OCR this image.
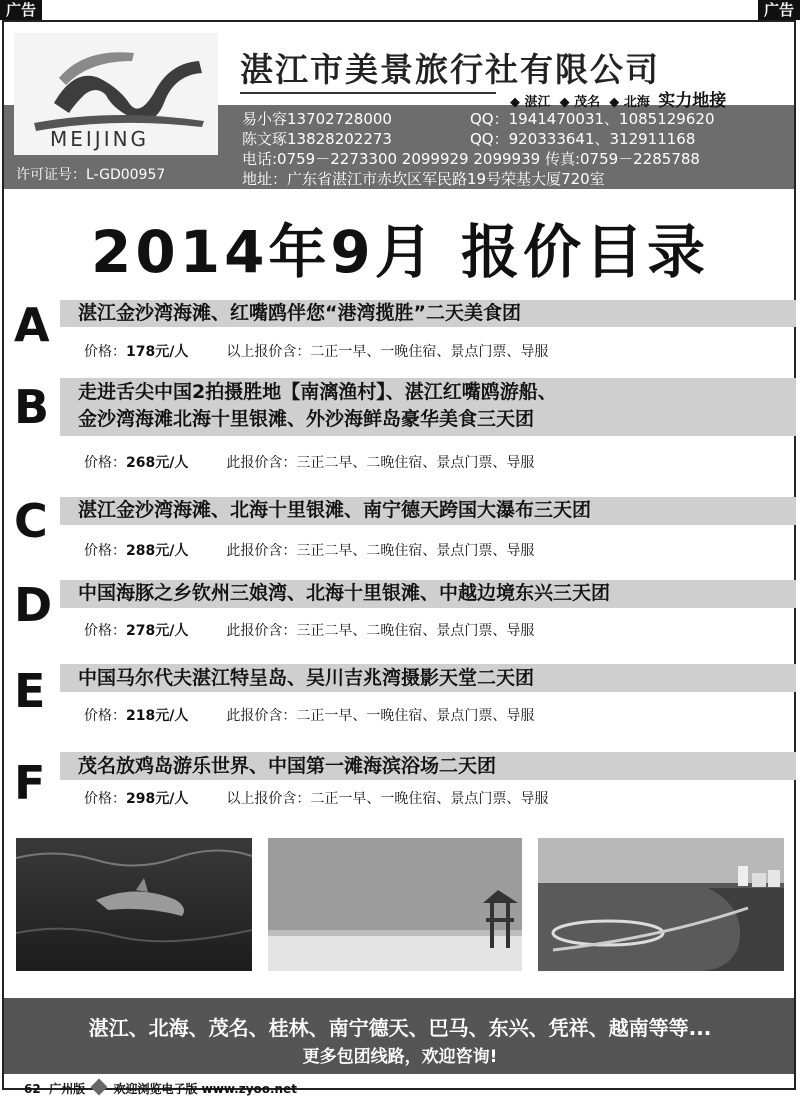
广告	广告
MEIJING
湛江市美景旅行社有限公司
◆ 湛江 ◆ 茂名 ◆ 北海 实力地接
易小容13702728000	QQ：1941470031、1085129620
陈文琢13828202273	QQ：920333641、312911168
电话:0759－2273300 2099929 2099939 传真:0759－2285788
地址：广东省湛江市赤坎区军民路19号荣基大厦720室
许可证号：L-GD00957
2014年9月 报价目录
A 湛江金沙湾海滩、红嘴鸥伴您“港湾揽胜”二天美食团
价格：178元/人	以上报价含：二正一早、一晚住宿、景点门票、导服
B 走进舌尖中国2拍摄胜地【南漓渔村】、湛江红嘴鸥游船、
金沙湾海滩北海十里银滩、外沙海鲜岛豪华美食三天团
价格：268元/人	此报价含：三正二早、二晚住宿、景点门票、导服
C 湛江金沙湾海滩、北海十里银滩、南宁德天跨国大瀑布三天团
价格：288元/人	此报价含：三正二早、二晚住宿、景点门票、导服
D 中国海豚之乡钦州三娘湾、北海十里银滩、中越边境东兴三天团
价格：278元/人	此报价含：三正二早、二晚住宿、景点门票、导服
E 中国马尔代夫湛江特呈岛、吴川吉兆湾摄影天堂二天团
价格：218元/人	此报价含：二正一早、一晚住宿、景点门票、导服
F 茂名放鸡岛游乐世界、中国第一滩海滨浴场二天团
价格：298元/人	以上报价含：二正一早、一晚住宿、景点门票、导服
湛江、北海、茂名、桂林、南宁德天、巴马、东兴、凭祥、越南等等...
更多包团线路，欢迎咨询!
62 广州版 欢迎浏览电子版 www.zyoo.net
